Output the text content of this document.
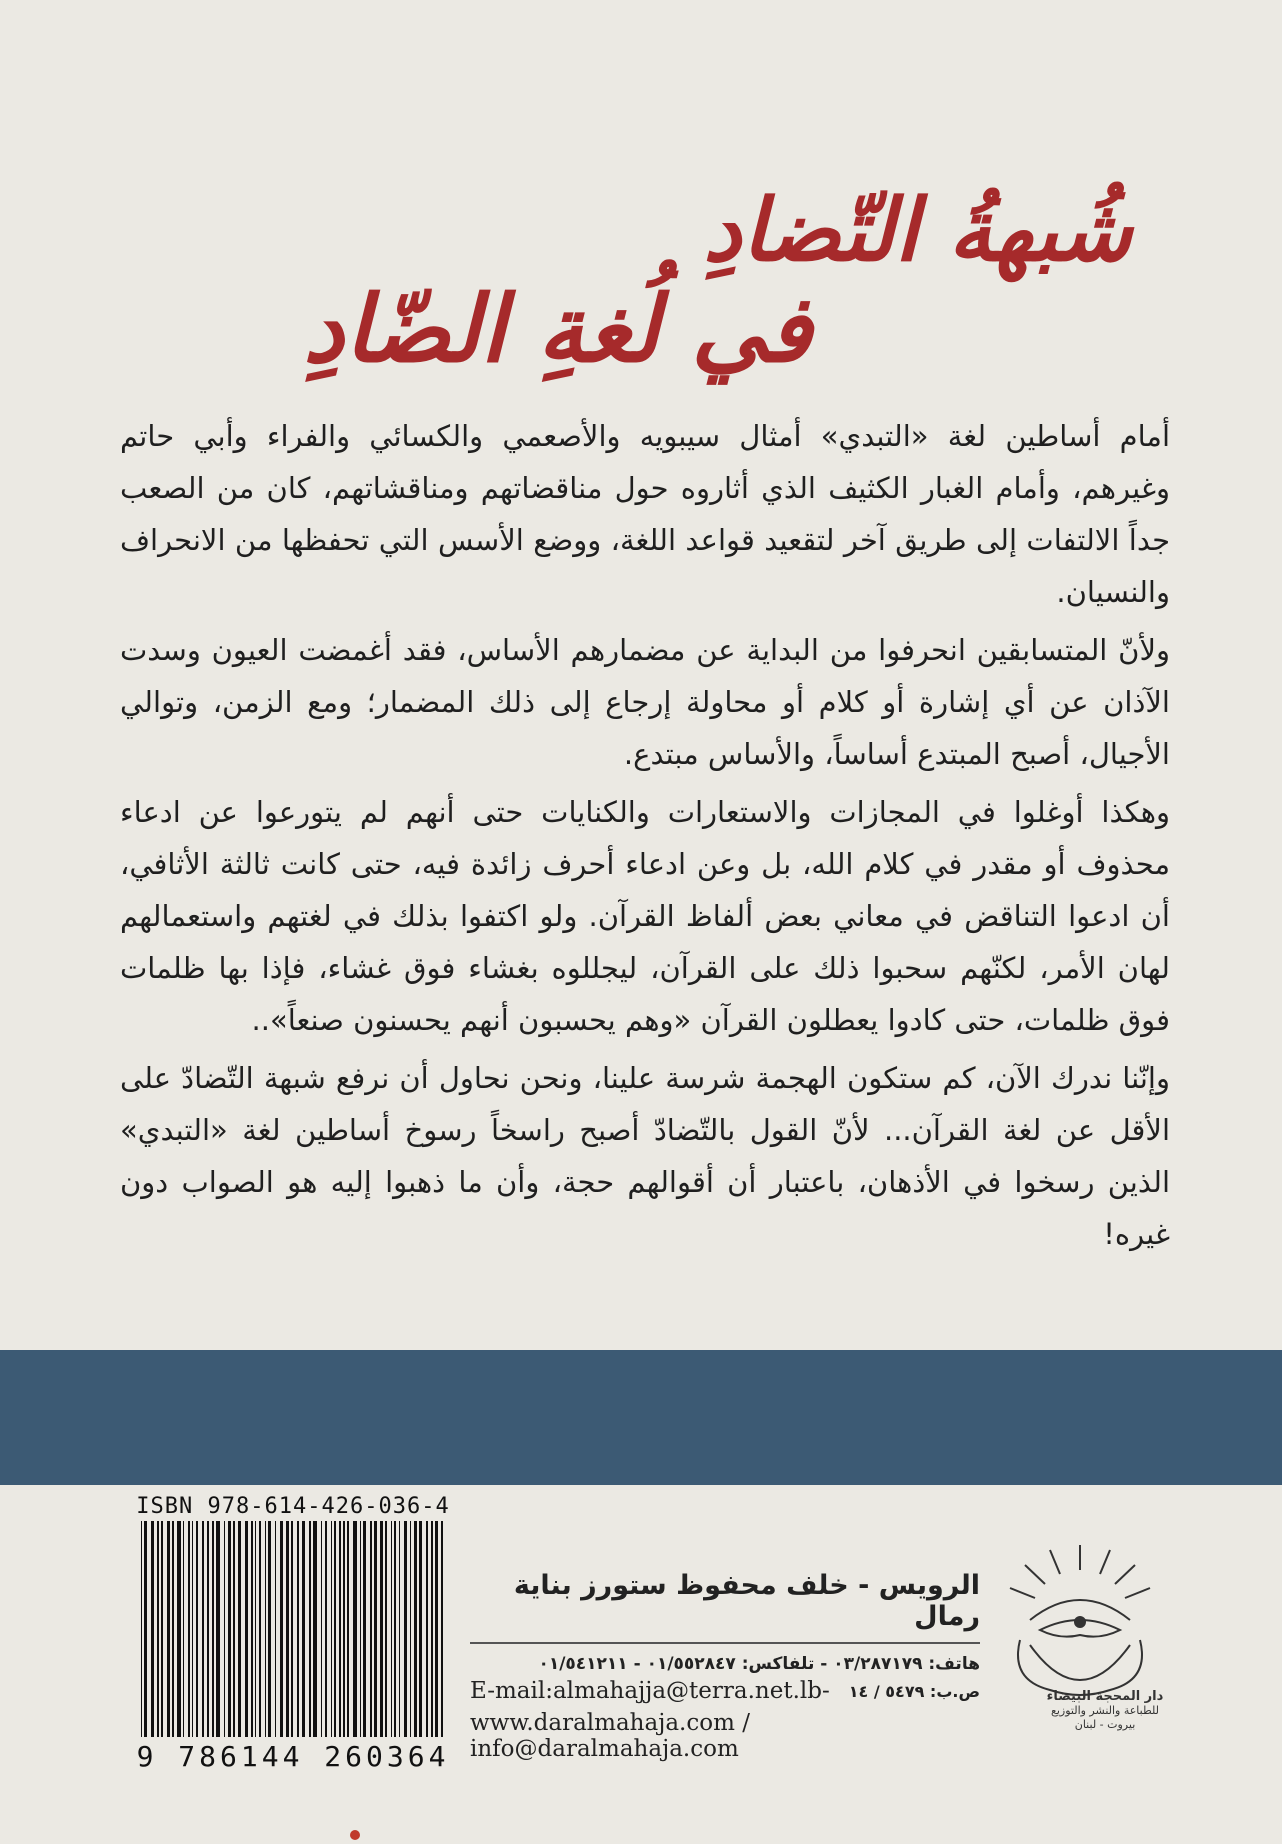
شُبهةُ التّضادِ
في لُغةِ الضّادِ

أمام أساطين لغة «التبدي» أمثال سيبويه والأصعمي والكسائي والفراء وأبي حاتم وغيرهم، وأمام الغبار الكثيف الذي أثاروه حول مناقضاتهم ومناقشاتهم، كان من الصعب جداً الالتفات إلى طريق آخر لتقعيد قواعد اللغة، ووضع الأسس التي تحفظها من الانحراف والنسيان.

ولأنّ المتسابقين انحرفوا من البداية عن مضمارهم الأساس، فقد أغمضت العيون وسدت الآذان عن أي إشارة أو كلام أو محاولة إرجاع إلى ذلك المضمار؛ ومع الزمن، وتوالي الأجيال، أصبح المبتدع أساساً، والأساس مبتدع.

وهكذا أوغلوا في المجازات والاستعارات والكنايات حتى أنهم لم يتورعوا عن ادعاء محذوف أو مقدر في كلام الله، بل وعن ادعاء أحرف زائدة فيه، حتى كانت ثالثة الأثافي، أن ادعوا التناقض في معاني بعض ألفاظ القرآن. ولو اكتفوا بذلك في لغتهم واستعمالهم لهان الأمر، لكنّهم سحبوا ذلك على القرآن، ليجللوه بغشاء فوق غشاء، فإذا بها ظلمات فوق ظلمات، حتى كادوا يعطلون القرآن «وهم يحسبون أنهم يحسنون صنعاً»..

وإنّنا ندرك الآن، كم ستكون الهجمة شرسة علينا، ونحن نحاول أن نرفع شبهة التّضادّ على الأقل عن لغة القرآن... لأنّ القول بالتّضادّ أصبح راسخاً رسوخ أساطين لغة «التبدي» الذين رسخوا في الأذهان، باعتبار أن أقوالهم حجة، وأن ما ذهبوا إليه هو الصواب دون غيره!

ISBN 978-614-426-036-4
9 786144 260364
الرويس - خلف محفوظ ستورز بناية رمال
هاتف: ٠٣/٢٨٧١٧٩ - تلفاكس: ٠١/٥٥٢٨٤٧ - ٠١/٥٤١٢١١
E-mail:almahajja@terra.net.lb- ص.ب: ٥٤٧٩ / ١٤
www.daralmahaja.com / info@daralmahaja.com
دار المحجة البيضاء
للطباعة والنشر والتوزيع
بيروت - لبنان
